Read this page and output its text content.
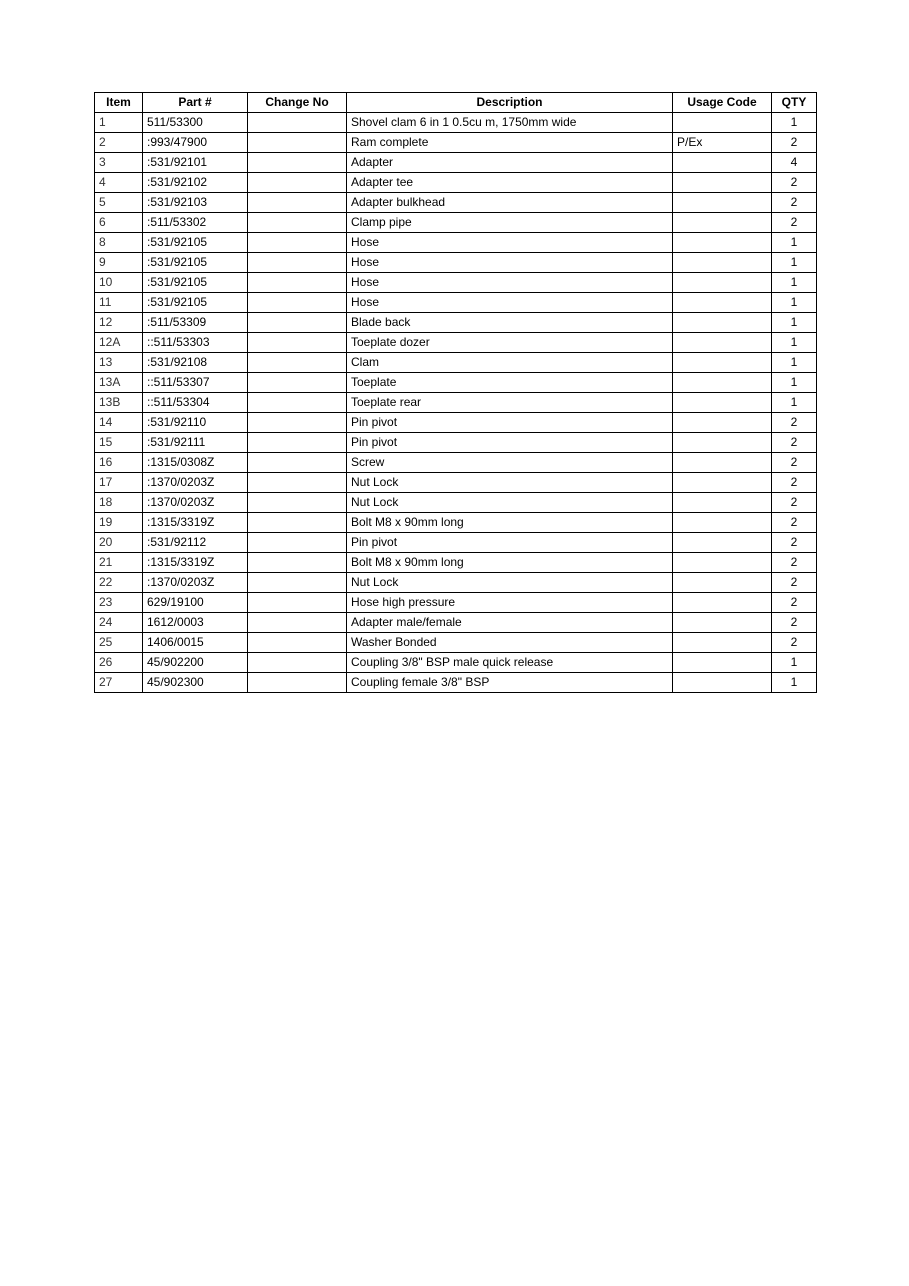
Item	Part #	Change No	Description	Usage Code	QTY
1	511/53300		Shovel clam 6 in 1 0.5cu m, 1750mm wide		1
2	:993/47900		Ram complete	P/Ex	2
3	:531/92101		Adapter		4
4	:531/92102		Adapter tee		2
5	:531/92103		Adapter bulkhead		2
6	:511/53302		Clamp pipe		2
8	:531/92105		Hose		1
9	:531/92105		Hose		1
10	:531/92105		Hose		1
11	:531/92105		Hose		1
12	:511/53309		Blade back		1
12A	::511/53303		Toeplate dozer		1
13	:531/92108		Clam		1
13A	::511/53307		Toeplate		1
13B	::511/53304		Toeplate rear		1
14	:531/92110		Pin pivot		2
15	:531/92111		Pin pivot		2
16	:1315/0308Z		Screw		2
17	:1370/0203Z		Nut Lock		2
18	:1370/0203Z		Nut Lock		2
19	:1315/3319Z		Bolt M8 x 90mm long		2
20	:531/92112		Pin pivot		2
21	:1315/3319Z		Bolt M8 x 90mm long		2
22	:1370/0203Z		Nut Lock		2
23	629/19100		Hose high pressure		2
24	1612/0003		Adapter male/female		2
25	1406/0015		Washer Bonded		2
26	45/902200		Coupling 3/8" BSP male quick release		1
27	45/902300		Coupling female 3/8" BSP		1
